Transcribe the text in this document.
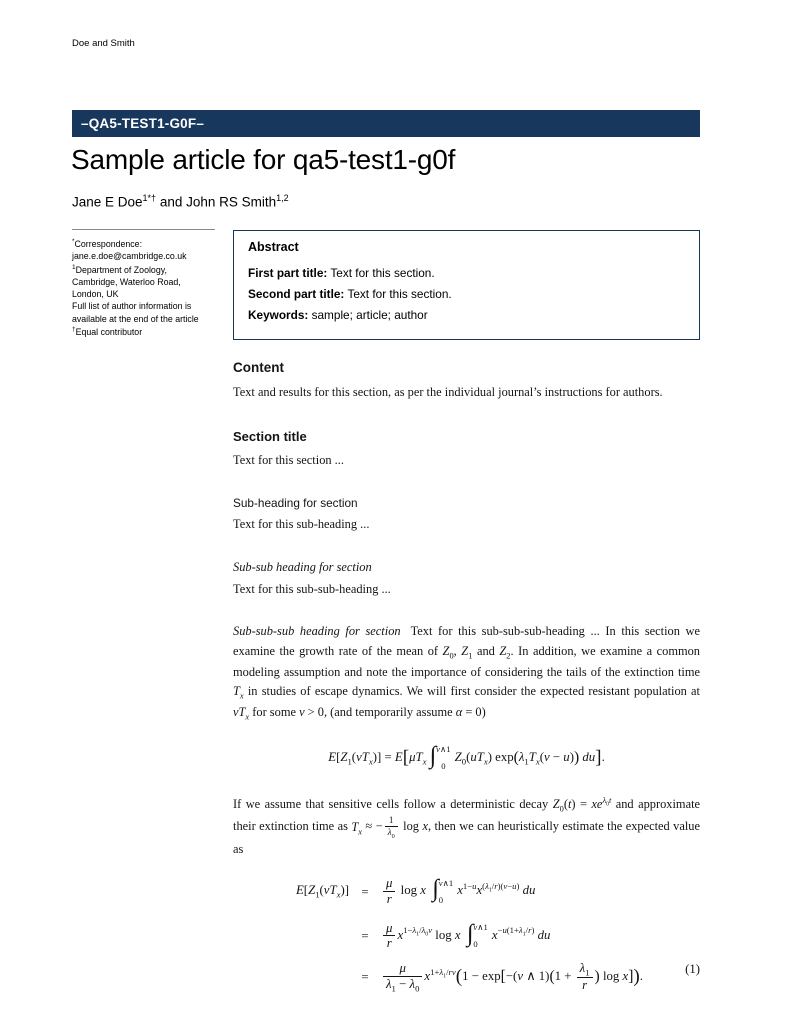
Doe and Smith
–QA5-TEST1-G0F–
Sample article for qa5-test1-g0f
Jane E Doe$^{1*\dagger}$ and John RS Smith$^{1,2}$
*Correspondence:
jane.e.doe@cambridge.co.uk
$^1$Department of Zoology,
Cambridge, Waterloo Road,
London, UK
Full list of author information is
available at the end of the article
†Equal contributor
Abstract

First part title: Text for this section.

Second part title: Text for this section.

Keywords: sample; article; author

Content

Text and results for this section, as per the individual journal’s instructions for authors.

Section title

Text for this section ...

Sub-heading for section

Text for this sub-heading ...

Sub-sub heading for section

Text for this sub-sub-heading ...

Sub-sub-sub heading for section Text for this sub-sub-sub-heading ... In this section we examine the growth rate of the mean of $Z_0$, $Z_1$ and $Z_2$. In addition, we examine a common modeling assumption and note the importance of considering the tails of the extinction time $T_x$ in studies of escape dynamics. We will first consider the expected resistant population at $vT_x$ for some v > 0, (and temporarily assume α = 0)

$E[Z_1(vT_x)] = E[\mu T_x$ ∫ v∧1
0
$Z_0(uT_x) \exp(\lambda_1T_x(v - u))$ du].

If we assume that sensitive cells follow a deterministic decay $Z_0(t) = xe^{\lambda_0t}$ and approximate their extinction time as $T_x$ ≈ − $\frac{1}{\lambda_0}$ log x, then we can heuristically estimate the expected value as

$E[Z_1(vT_x)]$ =	$\frac{\mu}{r}$ log x ∫ v∧1
0
$x^{1-u}x^{(\lambda_1/r)(v-u)}$ du
=	$\frac{\mu}{r} x^{1-\lambda_1/\lambda_0v}$ log x ∫ v∧1
0
$x^{-u(1+\lambda_1/r)}$ du
=	$\frac{\mu}{\lambda_1 - \lambda_0} x^{1+\lambda_1/rv}(1 - \exp[-(v$ ∧ $1)(1 + \frac{\lambda_1}{r}$ ) log x]).	(1)
